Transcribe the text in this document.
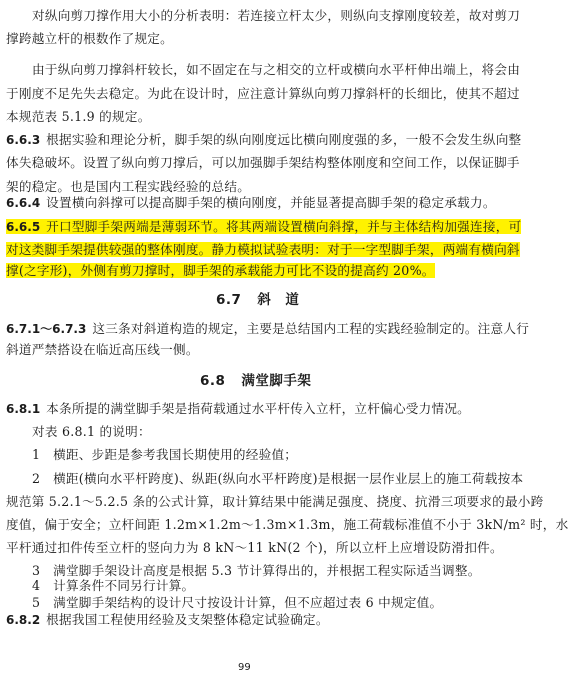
对纵向剪刀撑作用大小的分析表明：若连接立杆太少，则纵向支撑刚度较差，故对剪刀
撑跨越立杆的根数作了规定。
由于纵向剪刀撑斜杆较长，如不固定在与之相交的立杆或横向水平杆伸出端上，将会由
于刚度不足先失去稳定。为此在设计时，应注意计算纵向剪刀撑斜杆的长细比，使其不超过
本规范表 5.1.9 的规定。
6.6.3 根据实验和理论分析，脚手架的纵向刚度远比横向刚度强的多，一般不会发生纵向整
体失稳破坏。设置了纵向剪刀撑后，可以加强脚手架结构整体刚度和空间工作，以保证脚手
架的稳定。也是国内工程实践经验的总结。
6.6.4 设置横向斜撑可以提高脚手架的横向刚度，并能显著提高脚手架的稳定承载力。
6.6.5 开口型脚手架两端是薄弱环节。将其两端设置横向斜撑，并与主体结构加强连接，可
对这类脚手架提供较强的整体刚度。静力模拟试验表明：对于一字型脚手架，两端有横向斜
撑(之字形)，外侧有剪刀撑时，脚手架的承载能力可比不设的提高约 20%。
6.7 斜　道
6.7.1～6.7.3 这三条对斜道构造的规定，主要是总结国内工程的实践经验制定的。注意人行
斜道严禁搭设在临近高压线一侧。
6.8 满堂脚手架
6.8.1 本条所提的满堂脚手架是指荷载通过水平杆传入立杆，立杆偏心受力情况。
对表 6.8.1 的说明：
1　横距、步距是参考我国长期使用的经验值；
2　横距(横向水平杆跨度)、纵距(纵向水平杆跨度)是根据一层作业层上的施工荷载按本
规范第 5.2.1～5.2.5 条的公式计算，取计算结果中能满足强度、挠度、抗滑三项要求的最小跨
度值，偏于安全；立杆间距 1.2m×1.2m～1.3m×1.3m，施工荷载标准值不小于 3kN/m² 时，水
平杆通过扣件传至立杆的竖向力为 8 kN～11 kN(2 个)，所以立杆上应增设防滑扣件。
3　满堂脚手架设计高度是根据 5.3 节计算得出的，并根据工程实际适当调整。
4　计算条件不同另行计算。
5　满堂脚手架结构的设计尺寸按设计计算，但不应超过表 6 中规定值。
6.8.2 根据我国工程使用经验及支架整体稳定试验确定。
99
